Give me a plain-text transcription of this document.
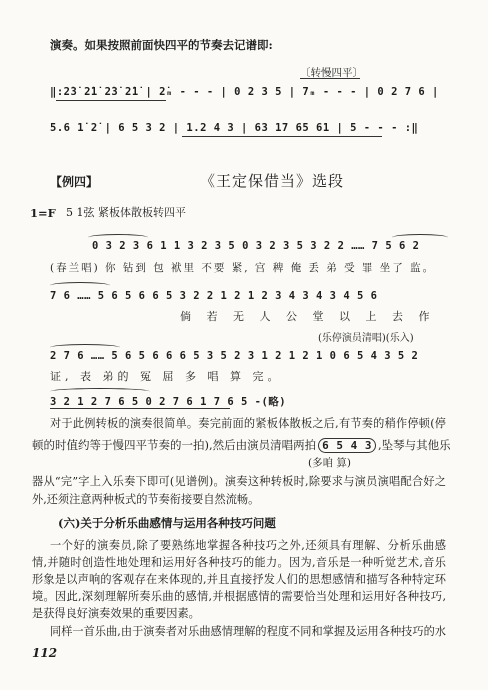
演奏。如果按照前面快四平的节奏去记谱即:
〔转慢四平〕
‖:2̇3̇ 2̇1̇ 2̇3̇ 2̇1̇ | 2̇ₘ - - - | 0 2 3 5 | 7ₘ - - - | 0 2 7 6 |
5.6 1̇ 2̇ | 6 5 3 2 | 1.2 4 3 | 63 17 65 61 | 5 - - - :‖
【例四】	《王定保借当》选段
1=F 5 1弦 紧板体散板转四平
0 3 2 3 6 1 1 3 2 3 5 0 3 2 3 5 3 2 2 …… 7 5 6 2
(春兰唱) 你 钻到 包 袱里 不要 紧, 宫 稗 俺 丢 弟 受 罪 坐了 监。
7 6 …… 5 6 5 6 6 5 3 2 2 1 2 1 2 3 4 3 4 3 4 5 6
倘 若 无 人 公 堂 以 上 去 作
(乐停演员清唱)(乐入)
2 7 6 …… 5 6 5 6 6 6 5 3 5 2 3 1 2 1 2 1 0 6 5 4 3 5 2
证, 表 弟的 冤 屈 多 唱 算 完。
3 2 1 2 7 6 5 0 2 7 6 1 7 6 5 -(略)
对于此例转板的演奏很简单。奏完前面的紧板体散板之后,有节奏的稍作停顿(停
顿的时值约等于慢四平节奏的一拍),然后由演员清唱两拍 6 5 4 3 ,坠琴与其他乐
(多咱 算)
器从“完”字上入乐奏下即可(见谱例)。演奏这种转板时,除要求与演员演唱配合好之
外,还须注意两种板式的节奏衔接要自然流畅。
(六)关于分析乐曲感情与运用各种技巧问题
一个好的演奏员,除了要熟练地掌握各种技巧之外,还须具有理解、分析乐曲感
情,并随时创造性地处理和运用好各种技巧的能力。因为,音乐是一种听觉艺术,音乐
形象是以声响的客观存在来体现的,并且直接抒发人们的思想感情和描写各种特定环
境。因此,深刻理解所奏乐曲的感情,并根据感情的需要恰当处理和运用好各种技巧,
是获得良好演奏效果的重要因素。
同样一首乐曲,由于演奏者对乐曲感情理解的程度不同和掌握及运用各种技巧的水
112
